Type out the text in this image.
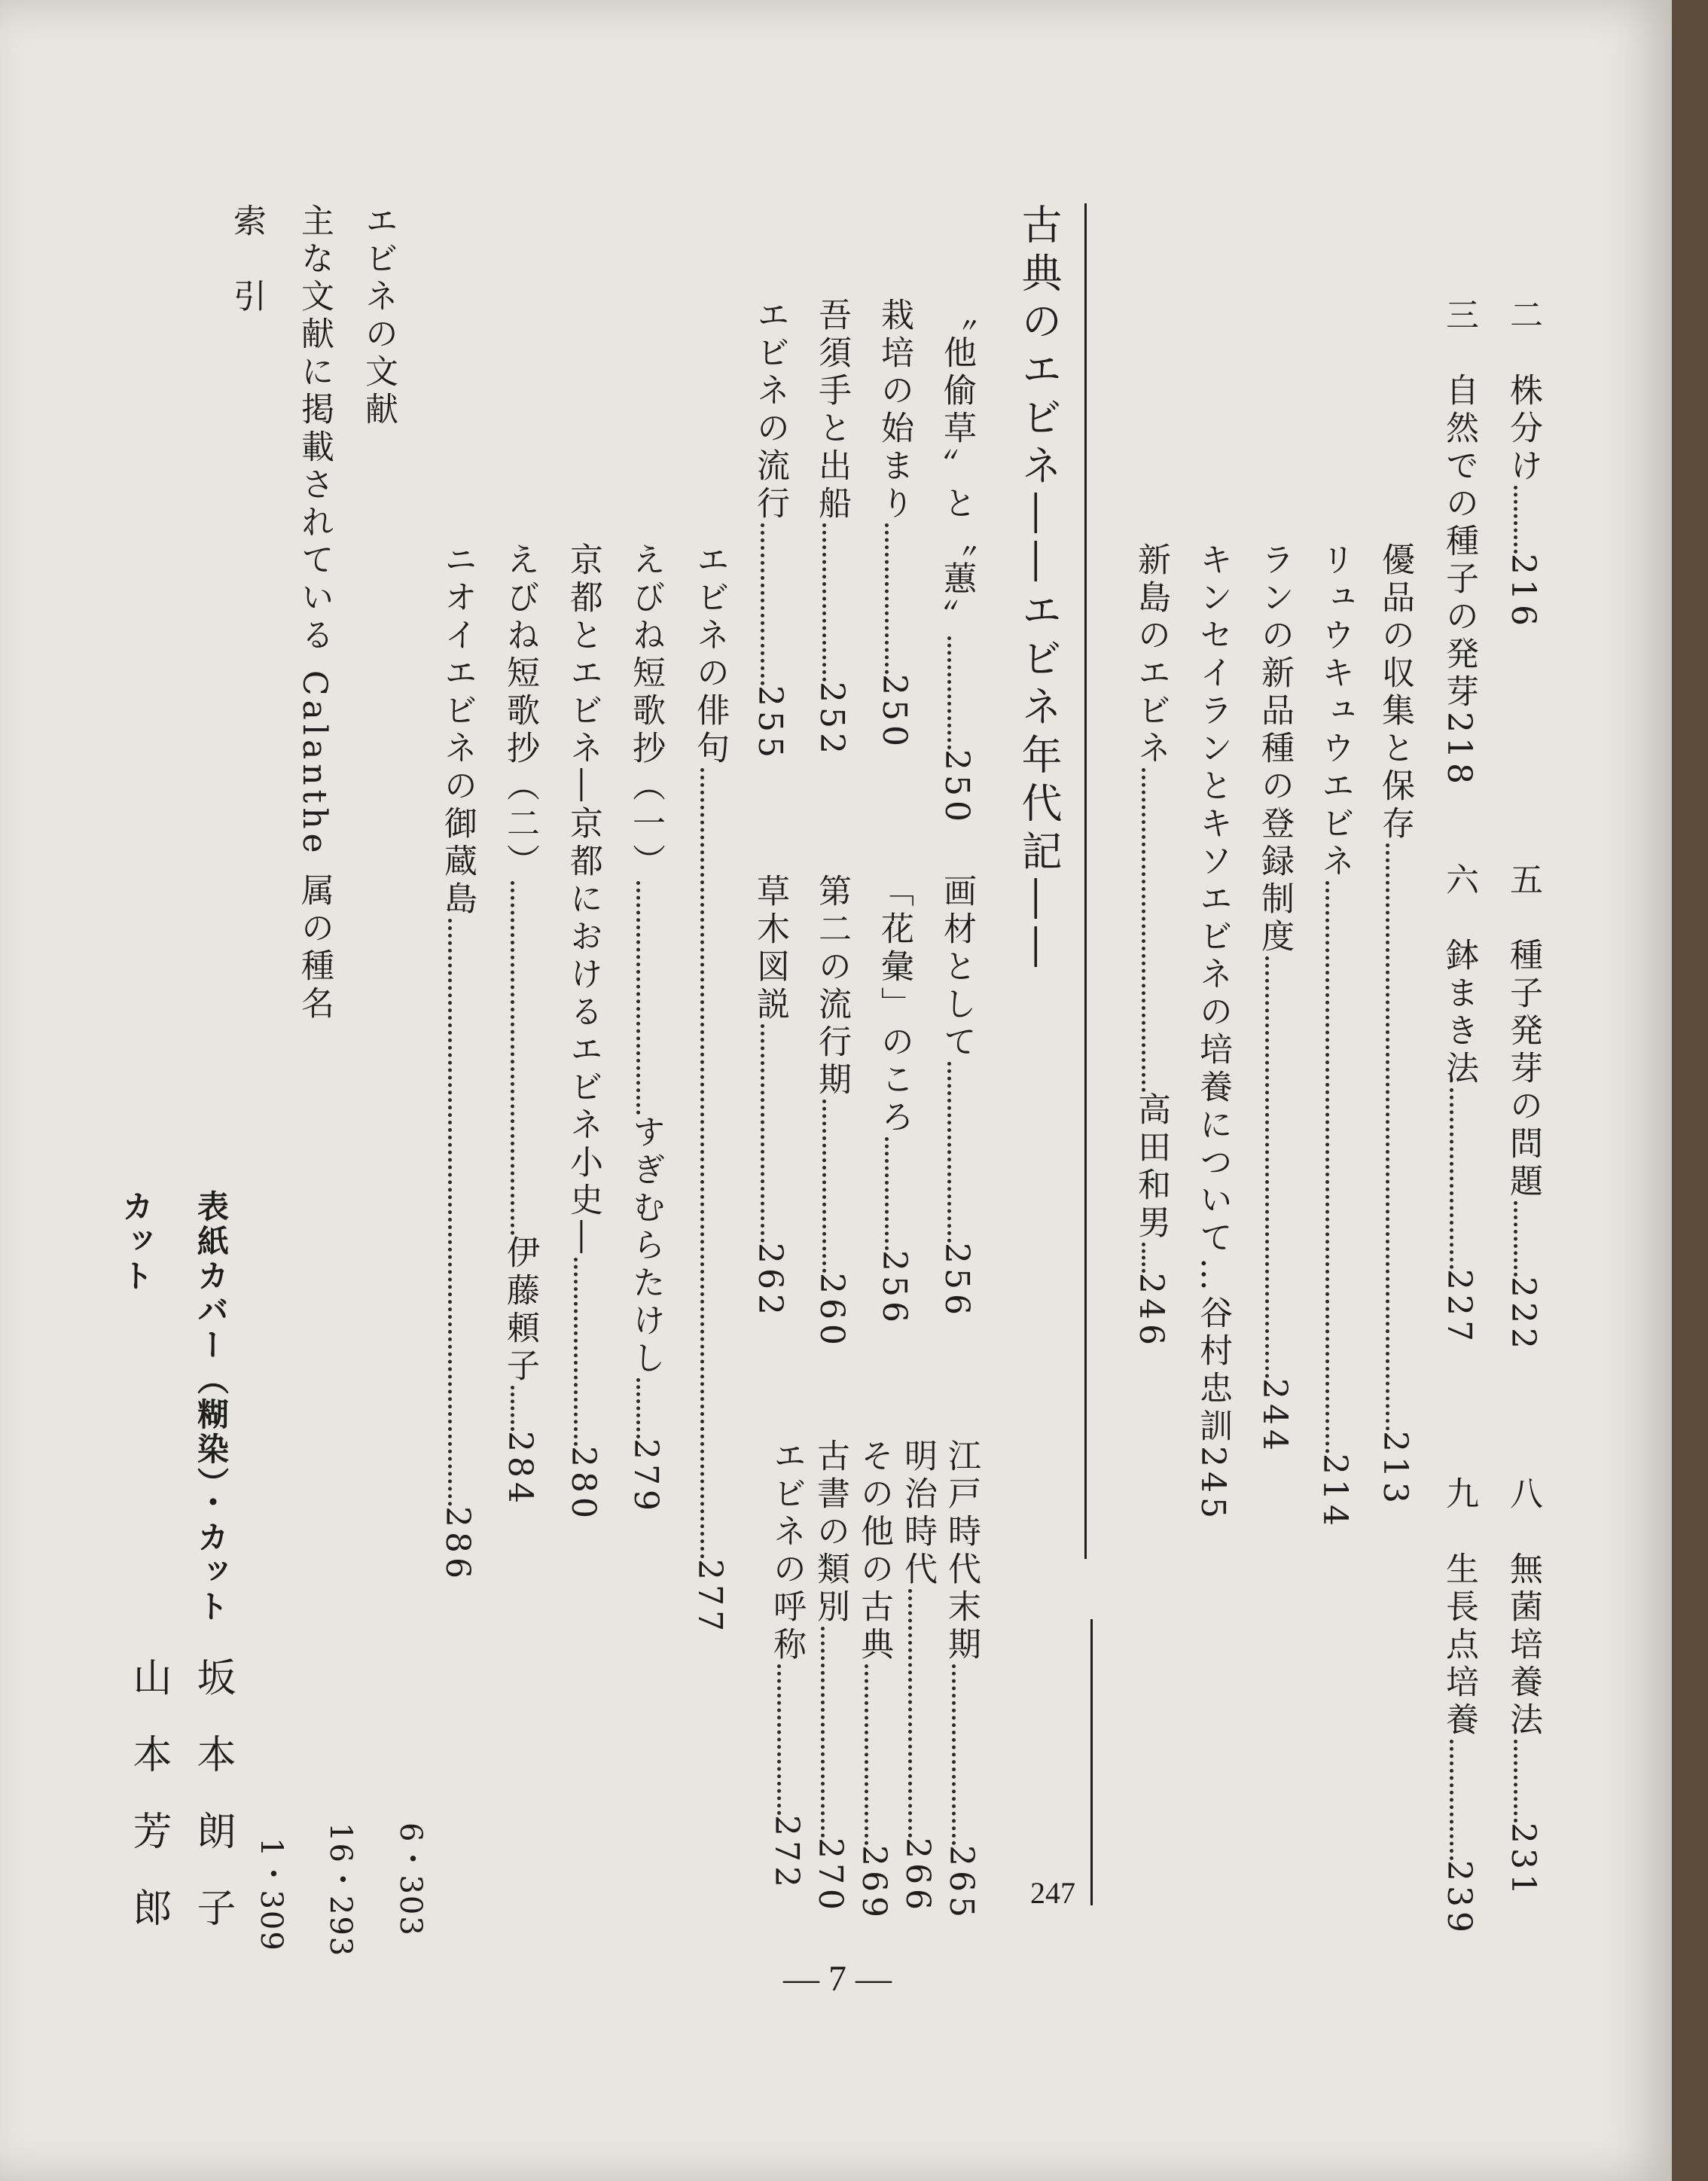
二　株分け216
三　自然での種子の発芽218
五　種子発芽の問題222
六　鉢まき法227
八　無菌培養法231
九　生長点培養239
優品の収集と保存213
リュウキュウエビネ214
ランの新品種の登録制度244
キンセイランとキソエビネの培養について…谷村忠訓245
新島のエビネ高田和男246
古典のエビネ――エビネ年代記――
247
〝他偷草〟と〝蕙〟250
栽培の始まり250
吾須手と出船252
エビネの流行255
画材として256
「花彙」のころ256
第二の流行期260
草木図説262
江戸時代末期265
明治時代266
その他の古典269
古書の類別270
エビネの呼称272
エビネの俳句277
えびね短歌抄（一）すぎむらたけし279
京都とエビネ―京都におけるエビネ小史―280
えびね短歌抄（二）伊藤頼子284
ニオイエビネの御蔵島286
エビネの文献
主な文献に掲載されている Calanthe 属の種名
索　引
6・303
16・293
1・309
表紙カバー（糊染）・カット
カット
坂本朗子
山本芳郎
― 7 ―
